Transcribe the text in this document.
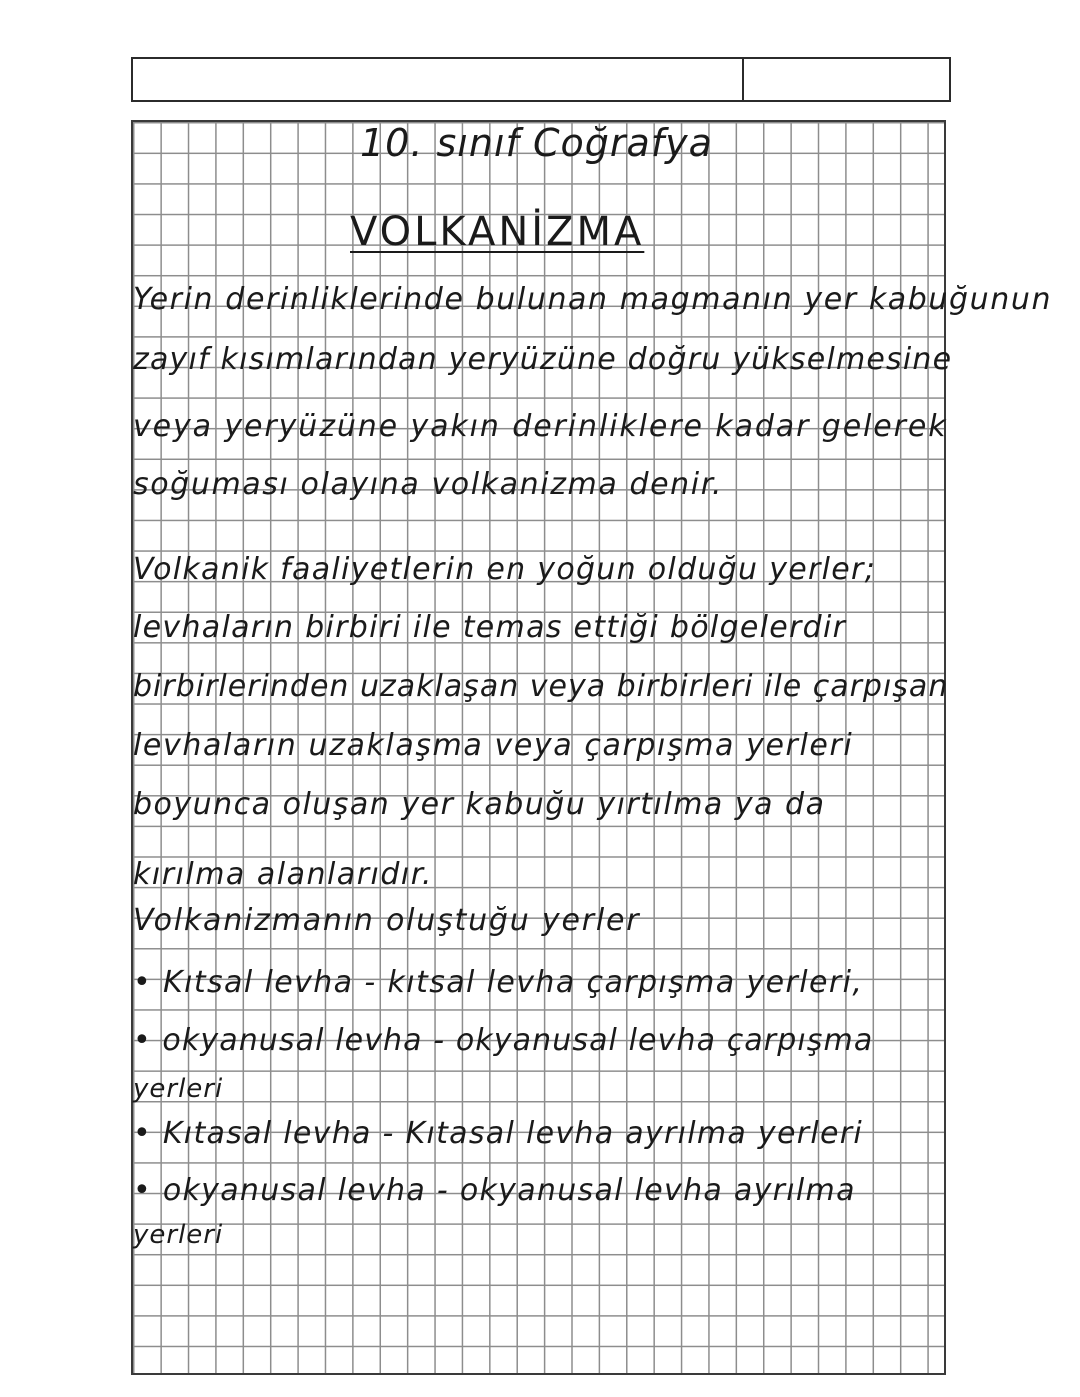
10. sınıf Coğrafya
VOLKANİZMA
Yerin derinliklerinde bulunan magmanın yer kabuğunun
zayıf kısımlarından yeryüzüne doğru yükselmesine
veya yeryüzüne yakın derinliklere kadar gelerek
soğuması olayına volkanizma denir.
Volkanik faaliyetlerin en yoğun olduğu yerler;
levhaların birbiri ile temas ettiği bölgelerdir
birbirlerinden uzaklaşan veya birbirleri ile çarpışan
levhaların uzaklaşma veya çarpışma yerleri
boyunca oluşan yer kabuğu yırtılma ya da
kırılma alanlarıdır.
Volkanizmanın oluştuğu yerler
• Kıtsal levha - kıtsal levha çarpışma yerleri,
• okyanusal levha - okyanusal levha çarpışma
yerleri
• Kıtasal levha - Kıtasal levha ayrılma yerleri
• okyanusal levha - okyanusal levha ayrılma
yerleri
